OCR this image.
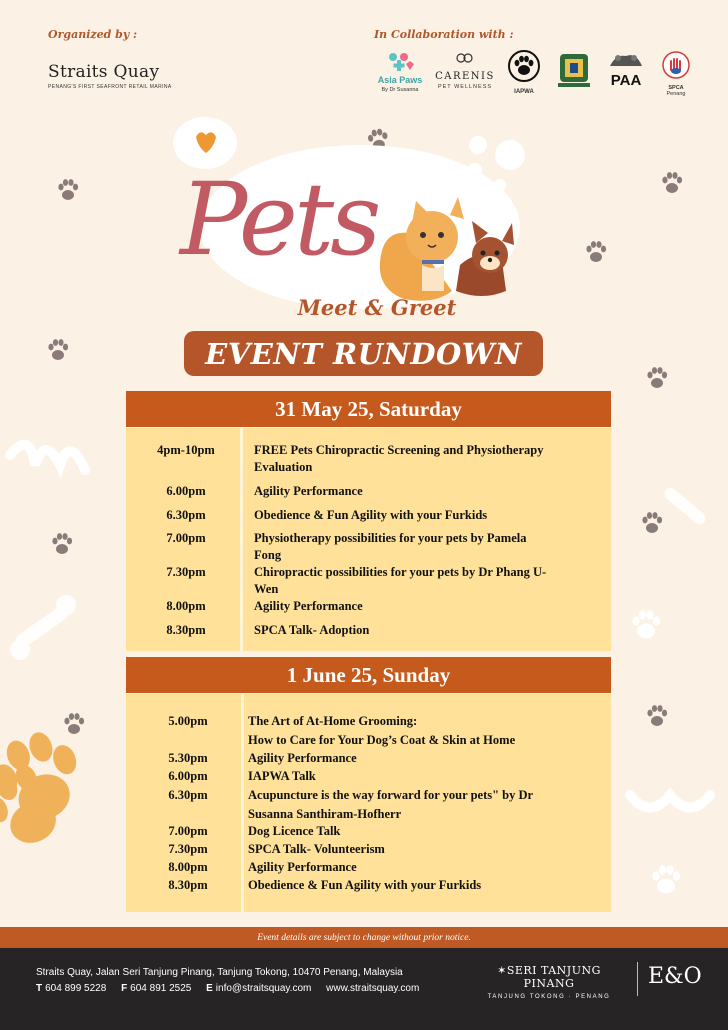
Organized by :	In Collaboration with :
Straits Quay
PENANG'S FIRST SEAFRONT RETAIL MARINA
Asia Paws
By Dr Susanna
CARENIS
PET WELLNESS
IAPWA
PAA	SPCA
Penang
Pets
Meet & Greet
EVENT RUNDOWN
31 May 25, Saturday
4pm-10pm	FREE Pets Chiropractic Screening and Physiotherapy
Evaluation
6.00pm	Agility Performance
6.30pm	Obedience & Fun Agility with your Furkids
7.00pm	Physiotherapy possibilities for your pets by Pamela
Fong
7.30pm	Chiropractic possibilities for your pets by Dr Phang U-
Wen
8.00pm	Agility Performance
8.30pm	SPCA Talk- Adoption
1 June 25, Sunday
5.00pm	The Art of At-Home Grooming:
How to Care for Your Dog’s Coat & Skin at Home
5.30pm	Agility Performance
6.00pm	IAPWA Talk
6.30pm	Acupuncture is the way forward for your pets" by Dr
Susanna Santhiram-Hofherr
7.00pm	Dog Licence Talk
7.30pm	SPCA Talk- Volunteerism
8.00pm	Agility Performance
8.30pm	Obedience & Fun Agility with your Furkids
Event details are subject to change without prior notice.
Straits Quay, Jalan Seri Tanjung Pinang, Tanjung Tokong, 10470 Penang, Malaysia
T 604 899 5228 F 604 891 2525 E info@straitsquay.com www.straitsquay.com
✶SERI TANJUNG PINANG
TANJUNG TOKONG · PENANG
E&O
